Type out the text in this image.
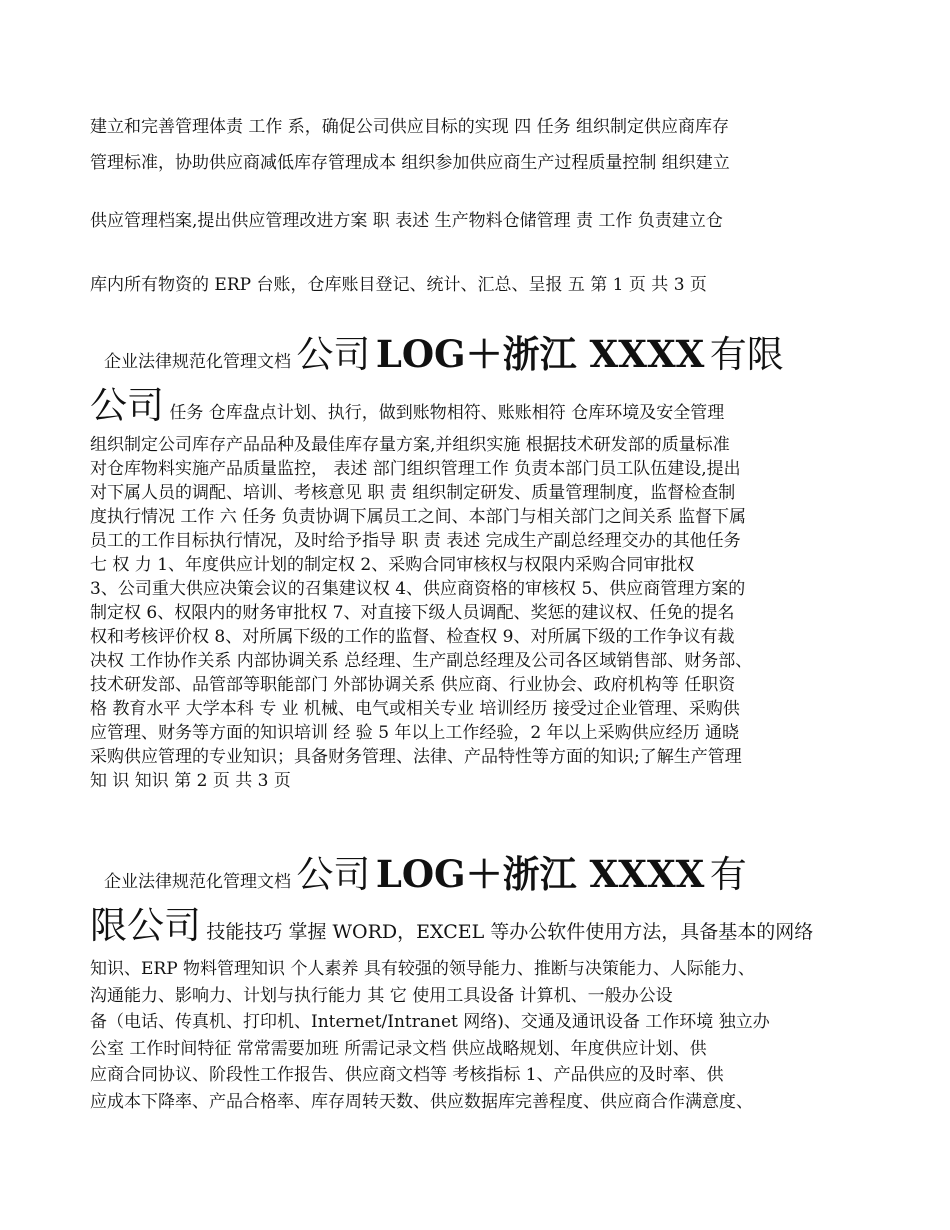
建立和完善管理体责 工作 系，确促公司供应目标的实现 四 任务 组织制定供应商库存
管理标准，协助供应商减低库存管理成本 组织参加供应商生产过程质量控制 组织建立
供应管理档案,提出供应管理改进方案 职 表述 生产物料仓储管理 责 工作 负责建立仓
库内所有物资的 ERP 台账，仓库账目登记、统计、汇总、呈报 五 第 1 页 共 3 页
企业法律规范化管理文档 公司 LOG＋浙江 XXXX 有限
公司 任务 仓库盘点计划、执行，做到账物相符、账账相符 仓库环境及安全管理
组织制定公司库存产品品种及最佳库存量方案,并组织实施 根据技术研发部的质量标准
对仓库物料实施产品质量监控， 表述 部门组织管理工作 负责本部门员工队伍建设,提出
对下属人员的调配、培训、考核意见 职 责 组织制定研发、质量管理制度，监督检查制
度执行情况 工作 六 任务 负责协调下属员工之间、本部门与相关部门之间关系 监督下属
员工的工作目标执行情况，及时给予指导 职 责 表述 完成生产副总经理交办的其他任务
七 权 力 1、年度供应计划的制定权 2、采购合同审核权与权限内采购合同审批权
3、公司重大供应决策会议的召集建议权 4、供应商资格的审核权 5、供应商管理方案的
制定权 6、权限内的财务审批权 7、对直接下级人员调配、奖惩的建议权、任免的提名
权和考核评价权 8、对所属下级的工作的监督、检查权 9、对所属下级的工作争议有裁
决权 工作协作关系 内部协调关系 总经理、生产副总经理及公司各区域销售部、财务部、
技术研发部、品管部等职能部门 外部协调关系 供应商、行业协会、政府机构等 任职资
格 教育水平 大学本科 专 业 机械、电气或相关专业 培训经历 接受过企业管理、采购供
应管理、财务等方面的知识培训 经 验 5 年以上工作经验，2 年以上采购供应经历 通晓
采购供应管理的专业知识；具备财务管理、法律、产品特性等方面的知识;了解生产管理
知 识 知识 第 2 页 共 3 页
企业法律规范化管理文档 公司 LOG＋浙江 XXXX 有
限公司 技能技巧 掌握 WORD，EXCEL 等办公软件使用方法，具备基本的网络
知识、ERP 物料管理知识 个人素养 具有较强的领导能力、推断与决策能力、人际能力、
沟通能力、影响力、计划与执行能力 其 它 使用工具设备 计算机、一般办公设
备（电话、传真机、打印机、Internet/Intranet 网络)、交通及通讯设备 工作环境 独立办
公室 工作时间特征 常常需要加班 所需记录文档 供应战略规划、年度供应计划、供
应商合同协议、阶段性工作报告、供应商文档等 考核指标 1、产品供应的及时率、供
应成本下降率、产品合格率、库存周转天数、供应数据库完善程度、供应商合作满意度、
